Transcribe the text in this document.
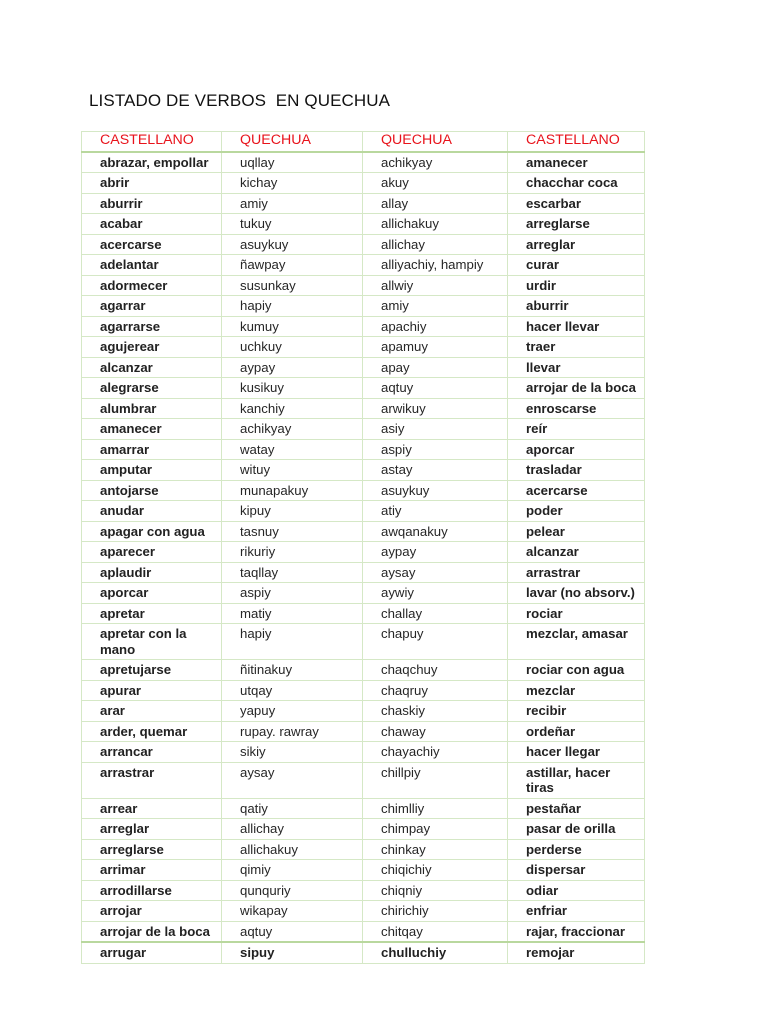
LISTADO DE VERBOS  EN QUECHUA
CASTELLANO	QUECHUA	QUECHUA	CASTELLANO
abrazar, empollar	uqllay	achikyay	amanecer
abrir	kichay	akuy	chacchar coca
aburrir	amiy	allay	escarbar
acabar	tukuy	allichakuy	arreglarse
acercarse	asuykuy	allichay	arreglar
adelantar	ñawpay	alliyachiy, hampiy	curar
adormecer	susunkay	allwiy	urdir
agarrar	hapiy	amiy	aburrir
agarrarse	kumuy	apachiy	hacer llevar
agujerear	uchkuy	apamuy	traer
alcanzar	aypay	apay	llevar
alegrarse	kusikuy	aqtuy	arrojar de la boca
alumbrar	kanchiy	arwikuy	enroscarse
amanecer	achikyay	asiy	reír
amarrar	watay	aspiy	aporcar
amputar	wituy	astay	trasladar
antojarse	munapakuy	asuykuy	acercarse
anudar	kipuy	atiy	poder
apagar con agua	tasnuy	awqanakuy	pelear
aparecer	rikuriy	aypay	alcanzar
aplaudir	taqllay	aysay	arrastrar
aporcar	aspiy	aywiy	lavar (no absorv.)
apretar	matiy	challay	rociar
apretar con la mano	hapiy	chapuy	mezclar, amasar
apretujarse	ñitinakuy	chaqchuy	rociar con agua
apurar	utqay	chaqruy	mezclar
arar	yapuy	chaskiy	recibir
arder, quemar	rupay. rawray	chaway	ordeñar
arrancar	sikiy	chayachiy	hacer llegar
arrastrar	aysay	chillpiy	astillar, hacer tiras
arrear	qatiy	chimlliy	pestañar
arreglar	allichay	chimpay	pasar de orilla
arreglarse	allichakuy	chinkay	perderse
arrimar	qimiy	chiqichiy	dispersar
arrodillarse	qunquriy	chiqniy	odiar
arrojar	wikapay	chirichiy	enfriar
arrojar de la boca	aqtuy	chitqay	rajar, fraccionar
arrugar	sipuy	chulluchiy	remojar
